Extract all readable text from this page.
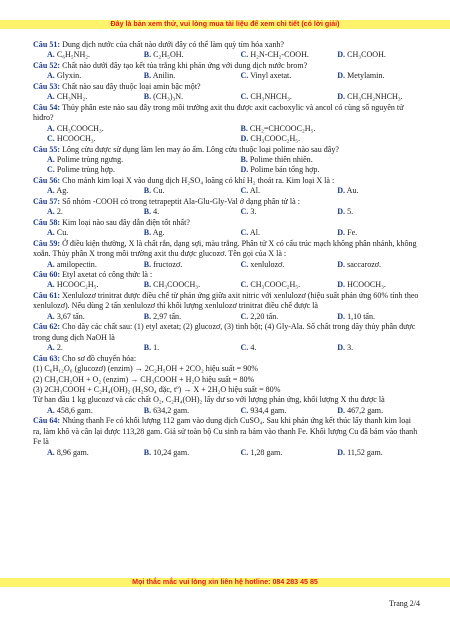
Đây là bản xem thử, vui lòng mua tài liệu để xem chi tiết (có lời giải)

Câu 51: Dung dịch nước của chất nào dưới đây có thể làm quỳ tím hóa xanh?

A. C₆H₅NH₂.	B. C₂H₅OH.	C. H₂N-CH₂-COOH.	D. CH₃COOH.

Câu 52: Chất nào dưới đây tạo kết tủa trắng khi phản ứng với dung dịch nước brom?

A. Glyxin.	B. Anilin.	C. Vinyl axetat.	D. Metylamin.

Câu 53: Chất nào sau đây thuộc loại amin bậc một?

A. CH₃NH₂.	B. (CH₃)₃N.	C. CH₃NHCH₃.	D. CH₃CH₂NHCH₃.

Câu 54: Thủy phân este nào sau đây trong môi trường axit thu được axit cacboxylic và ancol có cùng số nguyên tử hiđro?

A. CH₃COOCH₃.	B. CH₂=CHCOOC₂H₅.
C. HCOOCH₃.	D. CH₃COOC₂H₅.

Câu 55: Lông cừu được sử dụng làm len may áo ấm. Lông cừu thuộc loại polime nào sau đây?

A. Polime trùng ngưng.	B. Polime thiên nhiên.
C. Polime trùng hợp.	D. Polime bán tổng hợp.

Câu 56: Cho mảnh kim loại X vào dung dịch H₂SO₄ loãng có khí H₂ thoát ra. Kim loại X là :

A. Ag.	B. Cu.	C. Al.	D. Au.

Câu 57: Số nhóm -COOH có trong tetrapeptit Ala-Glu-Gly-Val ở dạng phân tử là :

A. 2.	B. 4.	C. 3.	D. 5.

Câu 58: Kim loại nào sau đây dẫn điện tốt nhất?

A. Cu.	B. Ag.	C. Al.	D. Fe.

Câu 59: Ở điều kiện thường, X là chất rắn, dạng sợi, màu trắng. Phân tử X có cấu trúc mạch không phân nhánh, không xoắn. Thủy phân X trong môi trường axit thu được glucozơ. Tên gọi của X là :

A. amilopectin.	B. fructozơ.	C. xenlulozơ.	D. saccarozơ.

Câu 60: Etyl axetat có công thức là :

A. HCOOC₂H₅.	B. CH₃COOCH₃.	C. CH₃COOC₂H₅.	D. HCOOCH₃.

Câu 61: Xenlulozơ trinitrat được điều chế từ phản ứng giữa axit nitric với xenlulozơ (hiệu suất phản ứng 60% tính theo xenlulozơ). Nếu dùng 2 tấn xenlulozơ thì khối lượng xenlulozơ trinitrat điều chế được là

A. 3,67 tấn.	B. 2,97 tấn.	C. 2,20 tấn.	D. 1,10 tấn.

Câu 62: Cho dãy các chất sau: (1) etyl axetat; (2) glucozơ, (3) tinh bột; (4) Gly-Ala. Số chất trong dãy thủy phân được trong dung dịch NaOH là

A. 2.	B. 1.	C. 4.	D. 3.

Câu 63: Cho sơ đồ chuyển hóa:

(1) C₆H₁₂O₆ (glucozơ) (enzim) → 2C₂H₅OH + 2CO₂ hiệu suất = 90%

(2) CH₃CH₂OH + O₂ (enzim) → CH₃COOH + H₂O hiệu suất = 80%

(3) 2CH₃COOH + C₂H₄(OH)₂ (H₂SO₄ đặc, tº) → X + 2H₂O hiệu suất = 80%

Từ ban đầu 1 kg glucozơ và các chất O₂, C₂H₄(OH)₂ lấy dư so với lượng phản ứng, khối lượng X thu được là

A. 458,6 gam.	B. 634,2 gam.	C. 934,4 gam.	D. 467,2 gam.

Câu 64: Nhúng thanh Fe có khối lượng 112 gam vào dung dịch CuSO₄. Sau khi phản ứng kết thúc lấy thanh kim loại ra, làm khô và cân lại được 113,28 gam. Giả sử toàn bộ Cu sinh ra bám vào thanh Fe. Khối lượng Cu đã bám vào thanh Fe là

A. 8,96 gam.	B. 10,24 gam.	C. 1,28 gam.	D. 11,52 gam.
Mọi thắc mắc vui lòng xin liên hệ hotline: 084 283 45 85
Trang 2/4
